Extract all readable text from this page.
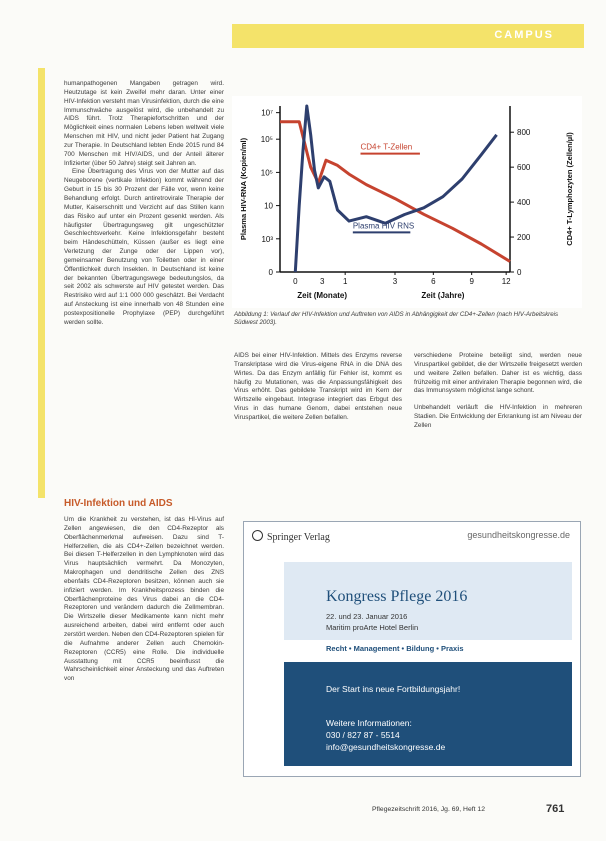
CAMPUS

humanpathogenen Mangaben getragen wird. Heutzutage ist kein Zweifel mehr daran. Unter einer HIV-Infektion versteht man Virusinfektion, durch die eine Immunschwäche ausgelöst wird, die unbehandelt zu AIDS führt. Trotz Therapiefortschritten und der Möglichkeit eines normalen Lebens leben weltweit viele Menschen mit HIV, und nicht jeder Patient hat Zugang zur Therapie. In Deutschland lebten Ende 2015 rund 84 700 Menschen mit HIV/AIDS, und der Anteil älterer Infizierter (über 50 Jahre) steigt seit Jahren an.

Eine Übertragung des Virus von der Mutter auf das Neugeborene (vertikale Infektion) kommt während der Geburt in 15 bis 30 Prozent der Fälle vor, wenn keine Behandlung erfolgt. Durch antiretrovirale Therapie der Mutter, Kaiserschnitt und Verzicht auf das Stillen kann das Risiko auf unter ein Prozent gesenkt werden. Als häufigster Übertragungsweg gilt ungeschützter Geschlechtsverkehr. Keine Infektionsgefahr besteht beim Händeschütteln, Küssen (außer es liegt eine Verletzung der Zunge oder der Lippen vor), gemeinsamer Benutzung von Toiletten oder in einer Öffentlichkeit durch Insekten. In Deutschland ist keine der bekannten Übertragungswege bedeutungslos, da seit 2002 als schwerste auf HIV getestet werden. Das Restrisiko wird auf 1:1 000 000 geschätzt. Bei Verdacht auf Ansteckung ist eine innerhalb von 48 Stunden eine postexpositionelle Prophylaxe (PEP) durchgeführt werden sollte.

HIV-Infektion und AIDS

Um die Krankheit zu verstehen, ist das HI-Virus auf Zellen angewiesen, die den CD4-Rezeptor als Oberflächenmerkmal aufweisen. Dazu sind T-Helferzellen, die als CD4+-Zellen bezeichnet werden. Bei diesen T-Helferzellen in den Lymphknoten wird das Virus hauptsächlich vermehrt. Da Monozyten, Makrophagen und dendritische Zellen des ZNS ebenfalls CD4-Rezeptoren besitzen, können auch sie infiziert werden. Im Krankheitsprozess binden die Oberflächenproteine des Virus dabei an die CD4-Rezeptoren und verändern dadurch die Zellmembran. Die Wirtszelle dieser Medikamente kann nicht mehr ausreichend arbeiten, dabei wird entfernt oder auch zerstört werden. Neben den CD4-Rezeptoren spielen für die Aufnahme anderer Zellen auch Chemokin-Rezeptoren (CCR5) eine Rolle. Die individuelle Ausstattung mit CCR5 beeinflusst die Wahrscheinlichkeit einer Ansteckung und das Auftreten von

0
10³
10
10⁵
10⁵
10⁷
0
200
400
600
800
0	3 1	3	6	9	12
Zeit (Monate)	Zeit (Jahre)
Plasma HIV-RNA (Kopien/ml)	CD4+ T-Lymphozyten (Zellen/µl)
CD4+ T-Zellen
Plasma HIV RNS
Abbildung 1: Verlauf der HIV-Infektion und Auftreten von AIDS in Abhängigkeit der CD4+-Zellen (nach HIV-Arbeitskreis Südwest 2003).

AIDS bei einer HIV-Infektion. Mittels des Enzyms reverse Transkriptase wird die Virus-eigene RNA in die DNA des Wirtes. Da das Enzym anfällig für Fehler ist, kommt es häufig zu Mutationen, was die Anpassungsfähigkeit des Virus erhöht. Das gebildete Transkript wird im Kern der Wirtszelle eingebaut. Integrase integriert das Erbgut des Virus in das humane Genom, dabei entstehen neue Viruspartikel, die weitere Zellen befallen.

verschiedene Proteine beteiligt sind, werden neue Viruspartikel gebildet, die der Wirtszelle freigesetzt werden und weitere Zellen befallen. Daher ist es wichtig, dass frühzeitig mit einer antiviralen Therapie begonnen wird, die das Immunsystem möglichst lange schont.

Unbehandelt verläuft die HIV-Infektion in mehreren Stadien. Die Entwicklung der Erkrankung ist am Niveau der Zellen

Springer Verlag	gesundheitskongresse.de
Kongress Pflege 2016
22. und 23. Januar 2016
Maritim proArte Hotel Berlin
Recht • Management • Bildung • Praxis
Der Start ins neue Fortbildungsjahr!
Weitere Informationen:
030 / 827 87 - 5514
info@gesundheitskongresse.de
Pflegezeitschrift 2016, Jg. 69, Heft 12	761
